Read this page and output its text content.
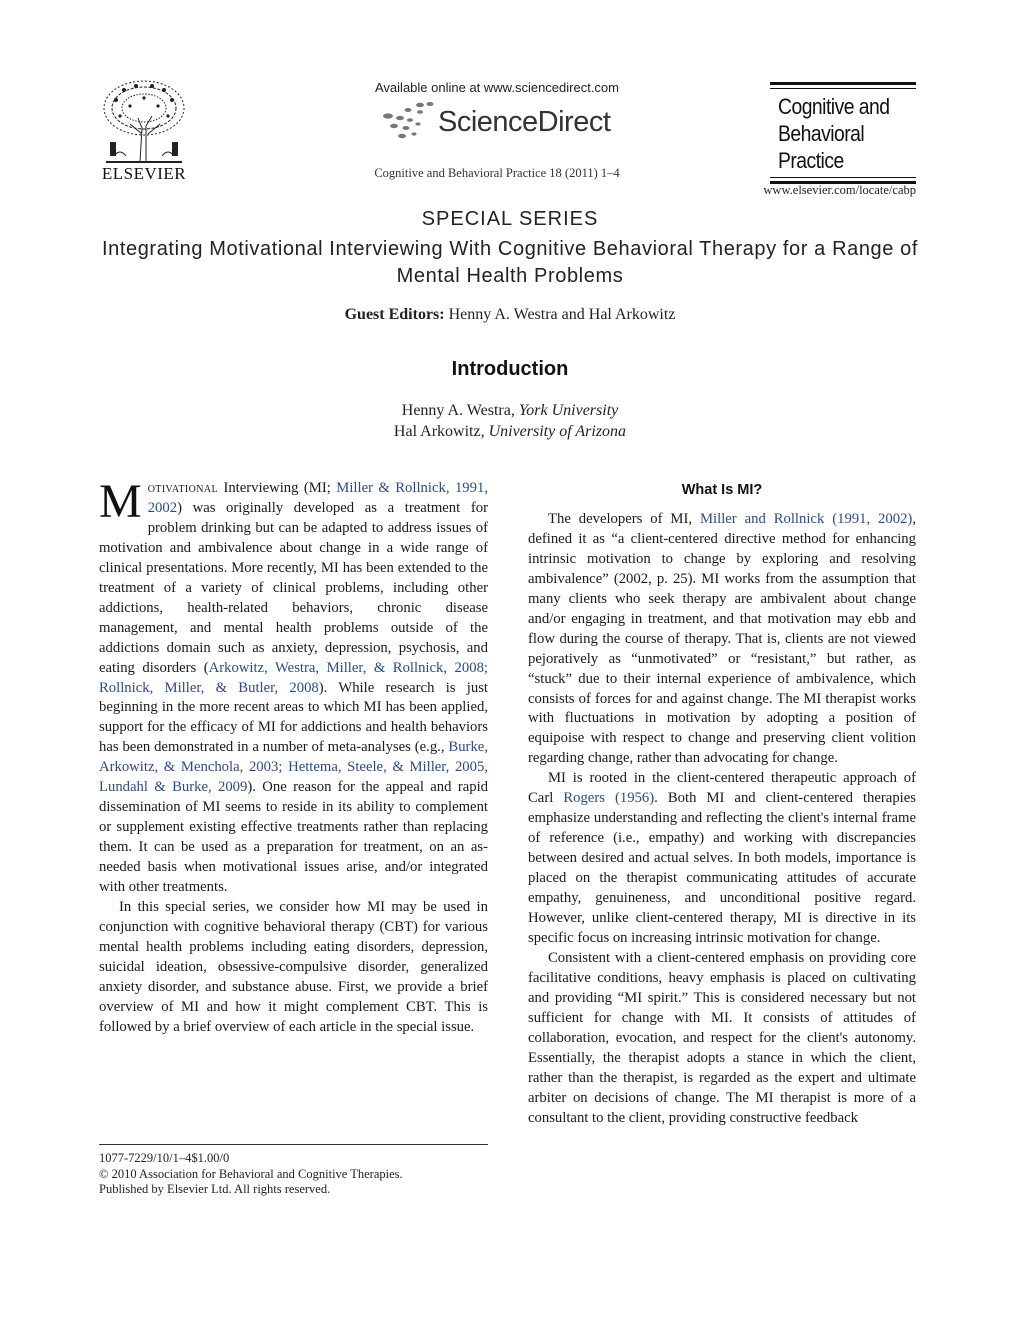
ELSEVIER
Available online at www.sciencedirect.com
ScienceDirect
Cognitive and Behavioral Practice 18 (2011) 1–4
Cognitive and
Behavioral
Practice
www.elsevier.com/locate/cabp
SPECIAL SERIES
Integrating Motivational Interviewing With Cognitive Behavioral Therapy for a Range of Mental Health Problems
Guest Editors: Henny A. Westra and Hal Arkowitz
Introduction
Henny A. Westra, York University
Hal Arkowitz, University of Arizona

Motivational Interviewing (MI; Miller & Rollnick, 1991, 2002) was originally developed as a treatment for problem drinking but can be adapted to address issues of motivation and ambivalence about change in a wide range of clinical presentations. More recently, MI has been extended to the treatment of a variety of clinical problems, including other addictions, health-related behaviors, chronic disease management, and mental health problems outside of the addictions domain such as anxiety, depression, psychosis, and eating disorders (Arkowitz, Westra, Miller, & Rollnick, 2008; Rollnick, Miller, & Butler, 2008). While research is just beginning in the more recent areas to which MI has been applied, support for the efficacy of MI for addictions and health behaviors has been demonstrated in a number of meta-analyses (e.g., Burke, Arkowitz, & Menchola, 2003; Hettema, Steele, & Miller, 2005, Lundahl & Burke, 2009). One reason for the appeal and rapid dissemination of MI seems to reside in its ability to complement or supplement existing effective treatments rather than replacing them. It can be used as a preparation for treatment, on an as-needed basis when motivational issues arise, and/or integrated with other treatments.

In this special series, we consider how MI may be used in conjunction with cognitive behavioral therapy (CBT) for various mental health problems including eating disorders, depression, suicidal ideation, obsessive-compulsive disorder, generalized anxiety disorder, and substance abuse. First, we provide a brief overview of MI and how it might complement CBT. This is followed by a brief overview of each article in the special issue.

1077-7229/10/1–4$1.00/0
© 2010 Association for Behavioral and Cognitive Therapies.
Published by Elsevier Ltd. All rights reserved.
What Is MI?

The developers of MI, Miller and Rollnick (1991, 2002), defined it as “a client-centered directive method for enhancing intrinsic motivation to change by exploring and resolving ambivalence” (2002, p. 25). MI works from the assumption that many clients who seek therapy are ambivalent about change and/or engaging in treatment, and that motivation may ebb and flow during the course of therapy. That is, clients are not viewed pejoratively as “unmotivated” or “resistant,” but rather, as “stuck” due to their internal experience of ambivalence, which consists of forces for and against change. The MI therapist works with fluctuations in motivation by adopting a position of equipoise with respect to change and preserving client volition regarding change, rather than advocating for change.

MI is rooted in the client-centered therapeutic approach of Carl Rogers (1956). Both MI and client-centered therapies emphasize understanding and reflecting the client's internal frame of reference (i.e., empathy) and working with discrepancies between desired and actual selves. In both models, importance is placed on the therapist communicating attitudes of accurate empathy, genuineness, and unconditional positive regard. However, unlike client-centered therapy, MI is directive in its specific focus on increasing intrinsic motivation for change.

Consistent with a client-centered emphasis on providing core facilitative conditions, heavy emphasis is placed on cultivating and providing “MI spirit.” This is considered necessary but not sufficient for change with MI. It consists of attitudes of collaboration, evocation, and respect for the client's autonomy. Essentially, the therapist adopts a stance in which the client, rather than the therapist, is regarded as the expert and ultimate arbiter on decisions of change. The MI therapist is more of a consultant to the client, providing constructive feedback
